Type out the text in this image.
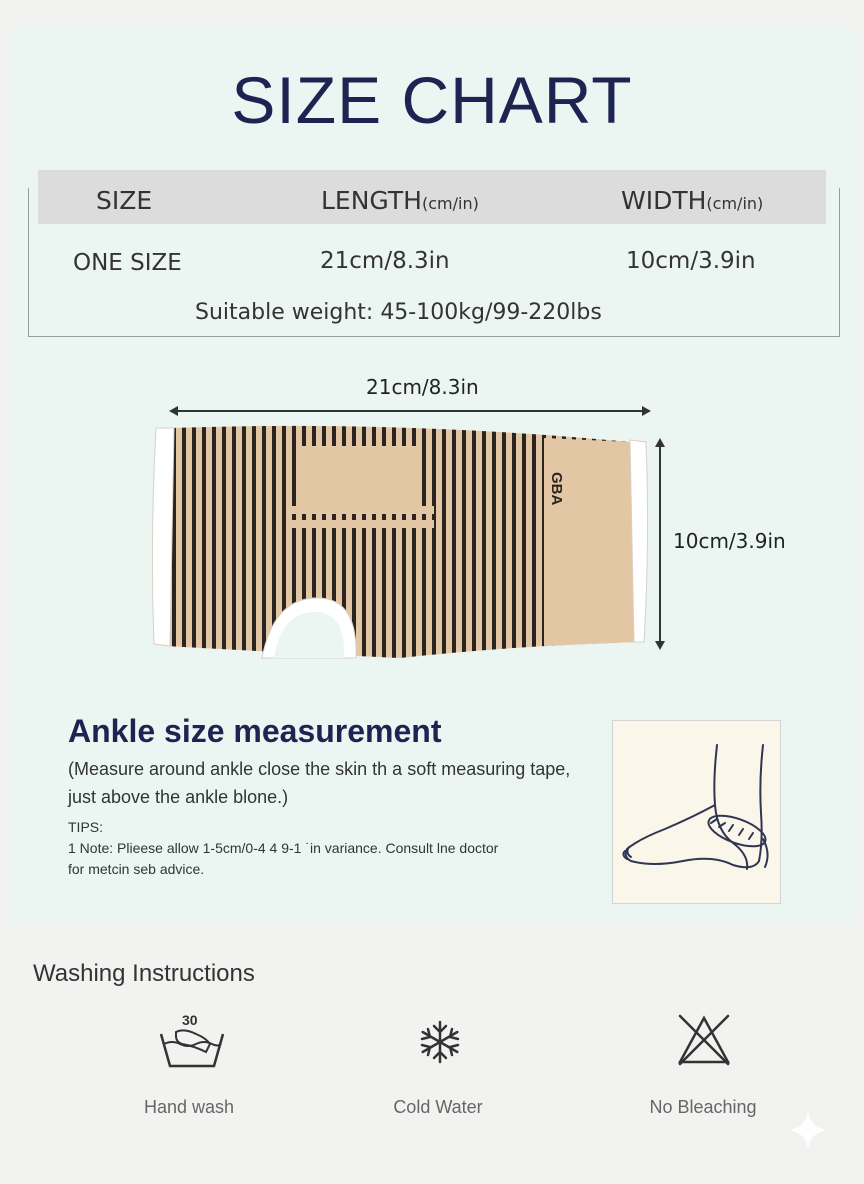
SIZE CHART
SIZE	LENGTH(cm/in)	WIDTH(cm/in)
ONE SIZE	21cm/8.3in	10cm/3.9in
Suitable weight: 45-100kg/99-220lbs
21cm/8.3in
10cm/3.9in
GBA
Ankle size measurement
(Measure around ankle close the skin th a soft measuring tape, just above the ankle blone.)
TIPS:
1 Note: Plieese allow 1-5cm/0-4 4 9-1 ˙in variance. Consult lne doctor
for metcin seb advice.
Washing Instructions
30
Hand wash	Cold Water	No Bleaching
